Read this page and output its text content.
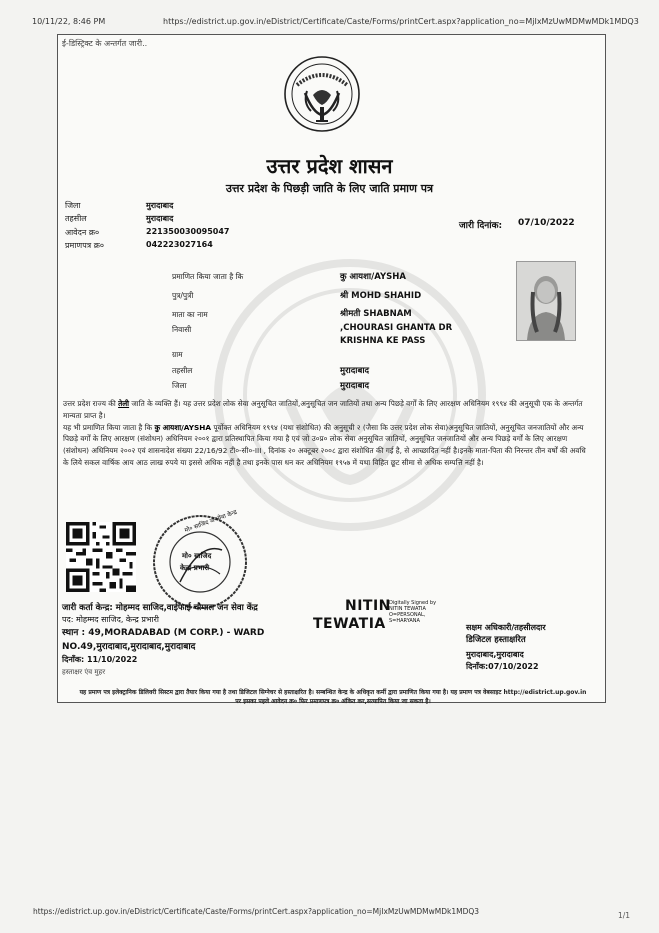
10/11/22, 8:46 PM	https://edistrict.up.gov.in/eDistrict/Certificate/Caste/Forms/printCert.aspx?application_no=MjIxMzUwMDMwMDk1MDQ3
ई-डिस्ट्रिक्ट के अन्तर्गत जारी..
उत्तर प्रदेश शासन
उत्तर प्रदेश के पिछड़ी जाति के लिए जाति प्रमाण पत्र
जिला	मुरादाबाद
तहसील	मुरादाबाद
आवेदन क्र०	221350030095047
प्रमाणपत्र क्र०	042223027164
जारी दिनांक: 07/10/2022
प्रमाणित किया जाता है कि	कु आयशा/AYSHA
पुत्र/पुत्री	श्री MOHD SHAHID
माता का नाम	श्रीमती SHABNAM
निवासी	,CHOURASI GHANTA DR KRISHNA KE PASS
ग्राम
तहसील	मुरादाबाद
जिला	मुरादाबाद
उत्तर प्रदेश राज्य की तेली जाति के व्यक्ति हैं। यह उत्तर प्रदेश लोक सेवा अनुसूचित जातियों,अनुसूचित जन जातियों तथा अन्य पिछड़े वर्गों के लिए आरक्षण अधिनियम १९९४ की अनुसूची एक के अन्तर्गत मान्यता प्राप्त है।
यह भी प्रमाणित किया जाता है कि कु आयशा/AYSHA पूर्वोक्त अधिनियम १९९४ (यथा संशोधित) की अनुसूची २ (जैसा कि उत्तर प्रदेश लोक सेवा)अनुसूचित जातियों, अनुसूचित जनजातियों और अन्य पिछड़े वर्गों के लिए आरक्षण (संशोधन) अधिनियम २००१ द्वारा प्रतिस्थापित किया गया है एवं जो उ०प्र० लोक सेवा अनुसूचित जातियों, अनुसूचित जनजातियों और अन्य पिछड़े वर्गों के लिए आरक्षण (संशोधन) अधिनियम २००२ एवं शासनादेश संख्या 22/16/92 टी०-सी०-III , दिनांक २० अक्टूबर २००८ द्वारा संशोधित की गई है, से आच्छादित नहीं है।इनके माता-पिता की निरन्तर तीन वर्षों की अवधि के लिये सकल वार्षिक आय आठ लाख रुपये या इससे अधिक नहीं है तथा इनके पास धन कर अधिनियम १९५७ में यथा विहित छूट सीमा से अधिक सम्पत्ति नहीं है।
मो० साजिद जनसेवा केन्द्र
मो० साजिद
केन्द्र प्रभारी
जारी कर्ता केन्द्र: मोहम्मद साजिद,वाईफाई चौपाल जन सेवा केंद्र
पद: मोहम्मद साजिद, केन्द्र प्रभारी
स्थान : 49,MORADABAD (M CORP.) - WARD
NO.49,मुरादाबाद,मुरादाबाद,मुरादाबाद
दिनाँक: 11/10/2022
हस्ताक्षर एंव मुहर
NITIN
TEWATIA
Digitally Signed by NITIN TEWATIA O=PERSONAL, S=HARYANA
सक्षम अधिकारी/तहसीलदार
डिजिटल हस्ताक्षरित
मुरादाबाद,मुरादाबाद
दिनाँक:07/10/2022
यह प्रमाण पत्र इलेक्ट्रानिक डिलिवरी सिस्टम द्वारा तैयार किया गया है तथा डिजिटल सिग्नेचर से हस्ताक्षरित है। सम्बन्धित केन्द्र के अधिकृत कर्मी द्वारा प्रमाणित किया गया है। यह प्रमाण पत्र वेबसाइट http://edistrict.up.gov.in पर इसका पहले आवेदन क्र० फिर प्रमाणपत्र क्र० अंकित कर,सत्यापित किया जा सकता है।
https://edistrict.up.gov.in/eDistrict/Certificate/Caste/Forms/printCert.aspx?application_no=MjIxMzUwMDMwMDk1MDQ3	1/1
